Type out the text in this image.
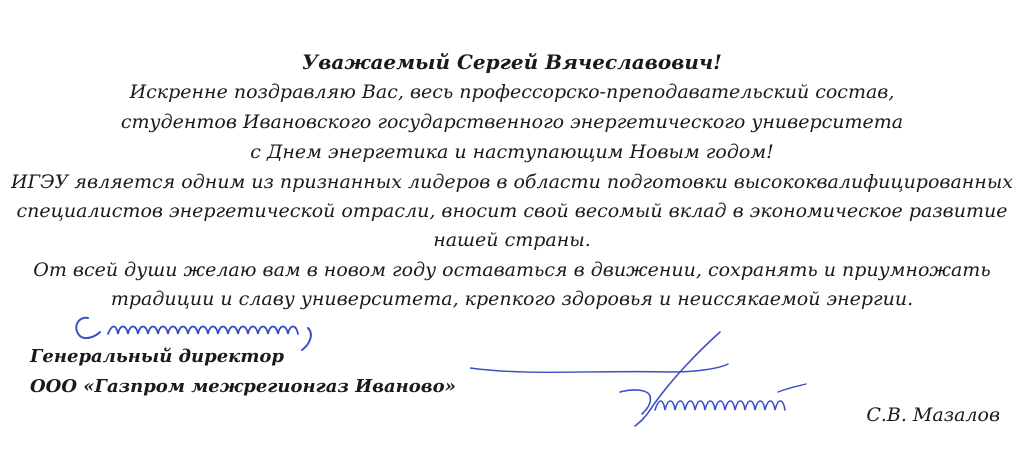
Уважаемый Сергей Вячеславович!
Искренне поздравляю Вас, весь профессорско-преподавательский состав,
студентов Ивановского государственного энергетического университета
с Днем энергетика и наступающим Новым годом!
ИГЭУ является одним из признанных лидеров в области подготовки высококвалифицированных
специалистов энергетической отрасли, вносит свой весомый вклад в экономическое развитие
нашей страны.
От всей души желаю вам в новом году оставаться в движении, сохранять и приумножать
традиции и славу университета, крепкого здоровья и неиссякаемой энергии.
Генеральный директор
ООО «Газпром межрегионгаз Иваново»
С.В. Мазалов
